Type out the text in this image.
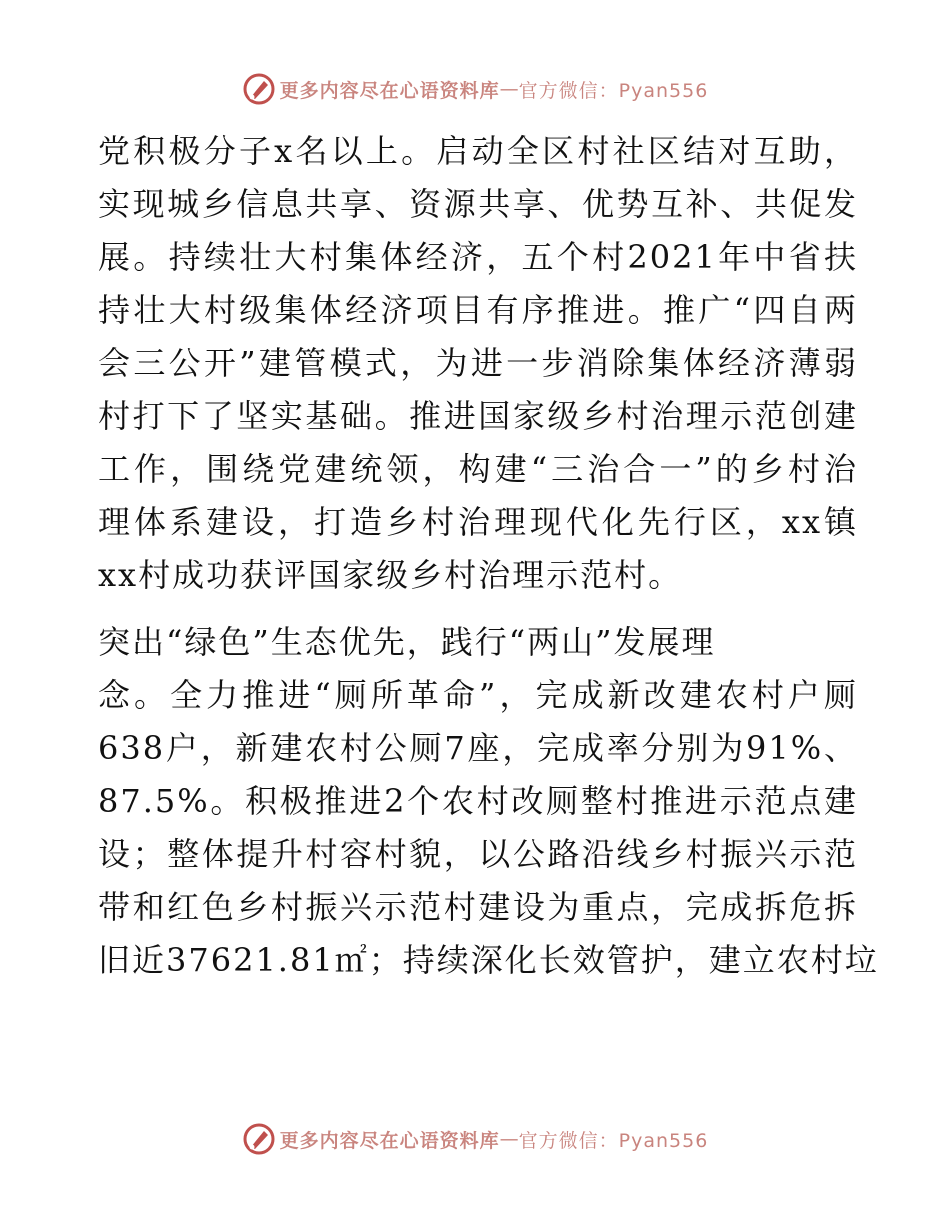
更多内容尽在心语资料库 — 官方微信：Pyan556
党积极分子x名以上。启动全区村社区结对互助，
实现城乡信息共享、资源共享、优势互补、共促发
展。持续壮大村集体经济，五个村2021年中省扶
持壮大村级集体经济项目有序推进。推广“四自两
会三公开”建管模式，为进一步消除集体经济薄弱
村打下了坚实基础。推进国家级乡村治理示范创建
工作，围绕党建统领，构建“三治合一”的乡村治
理体系建设，打造乡村治理现代化先行区，xx镇
xx村成功获评国家级乡村治理示范村。
突出“绿色”生态优先，践行“两山”发展理
念。全力推进“厕所革命”，完成新改建农村户厕
638户，新建农村公厕7座，完成率分别为91%、
87.5%。积极推进2个农村改厕整村推进示范点建
设；整体提升村容村貌，以公路沿线乡村振兴示范
带和红色乡村振兴示范村建设为重点，完成拆危拆
旧近37621.81㎡；持续深化长效管护，建立农村垃
更多内容尽在心语资料库 — 官方微信：Pyan556
